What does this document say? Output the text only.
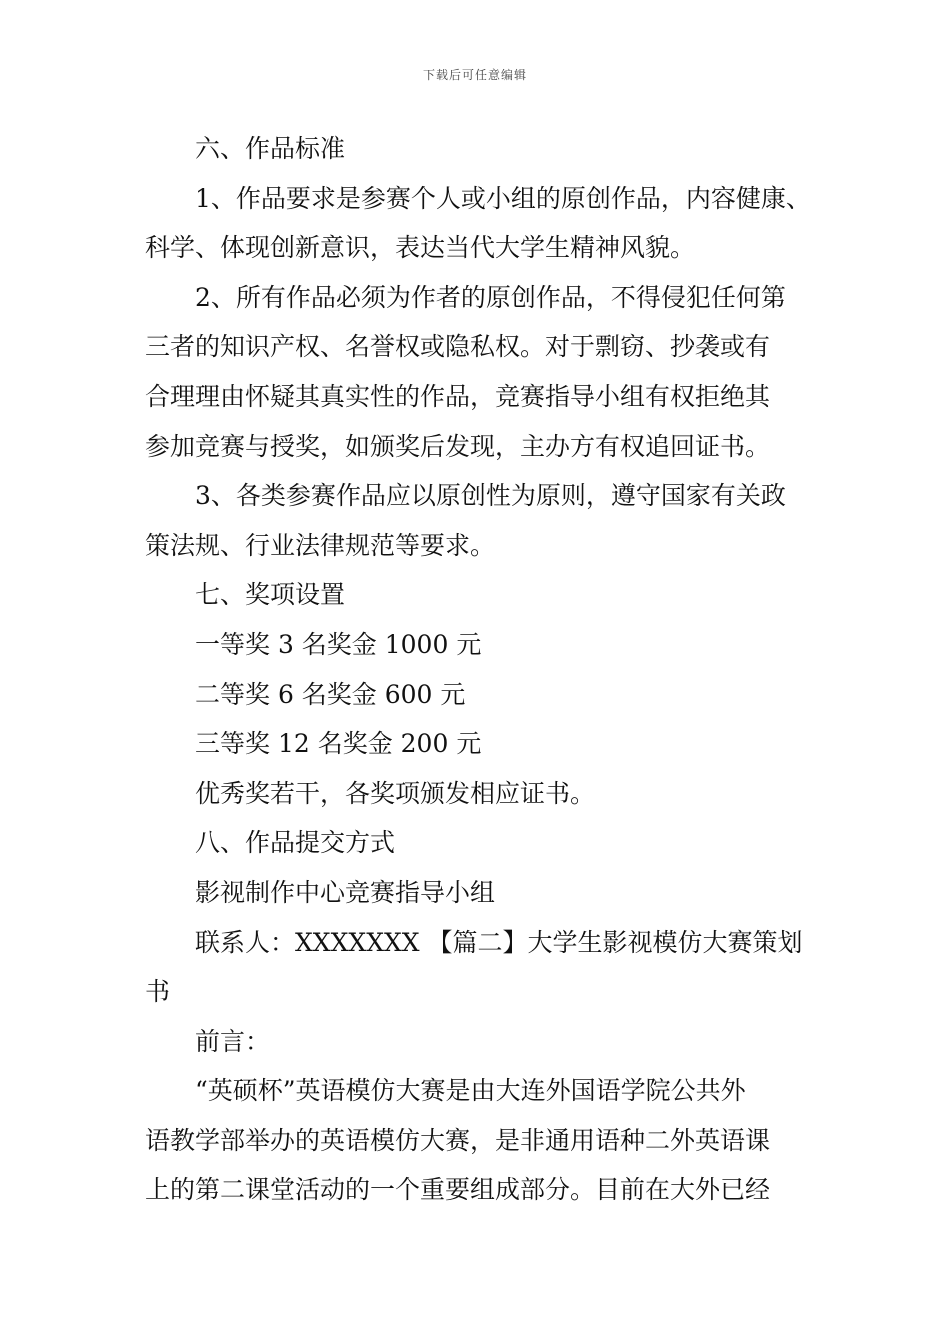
下载后可任意编辑
六、作品标准
1、作品要求是参赛个人或小组的原创作品，内容健康、
科学、体现创新意识，表达当代大学生精神风貌。
2、所有作品必须为作者的原创作品，不得侵犯任何第
三者的知识产权、名誉权或隐私权。对于剽窃、抄袭或有
合理理由怀疑其真实性的作品，竞赛指导小组有权拒绝其
参加竞赛与授奖，如颁奖后发现，主办方有权追回证书。
3、各类参赛作品应以原创性为原则，遵守国家有关政
策法规、行业法律规范等要求。
七、奖项设置
一等奖 3 名奖金 1000 元
二等奖 6 名奖金 600 元
三等奖 12 名奖金 200 元
优秀奖若干，各奖项颁发相应证书。
八、作品提交方式
影视制作中心竞赛指导小组
联系人：XXXXXXX 【篇二】大学生影视模仿大赛策划
书
前言：
“英硕杯”英语模仿大赛是由大连外国语学院公共外
语教学部举办的英语模仿大赛，是非通用语种二外英语课
上的第二课堂活动的一个重要组成部分。目前在大外已经
